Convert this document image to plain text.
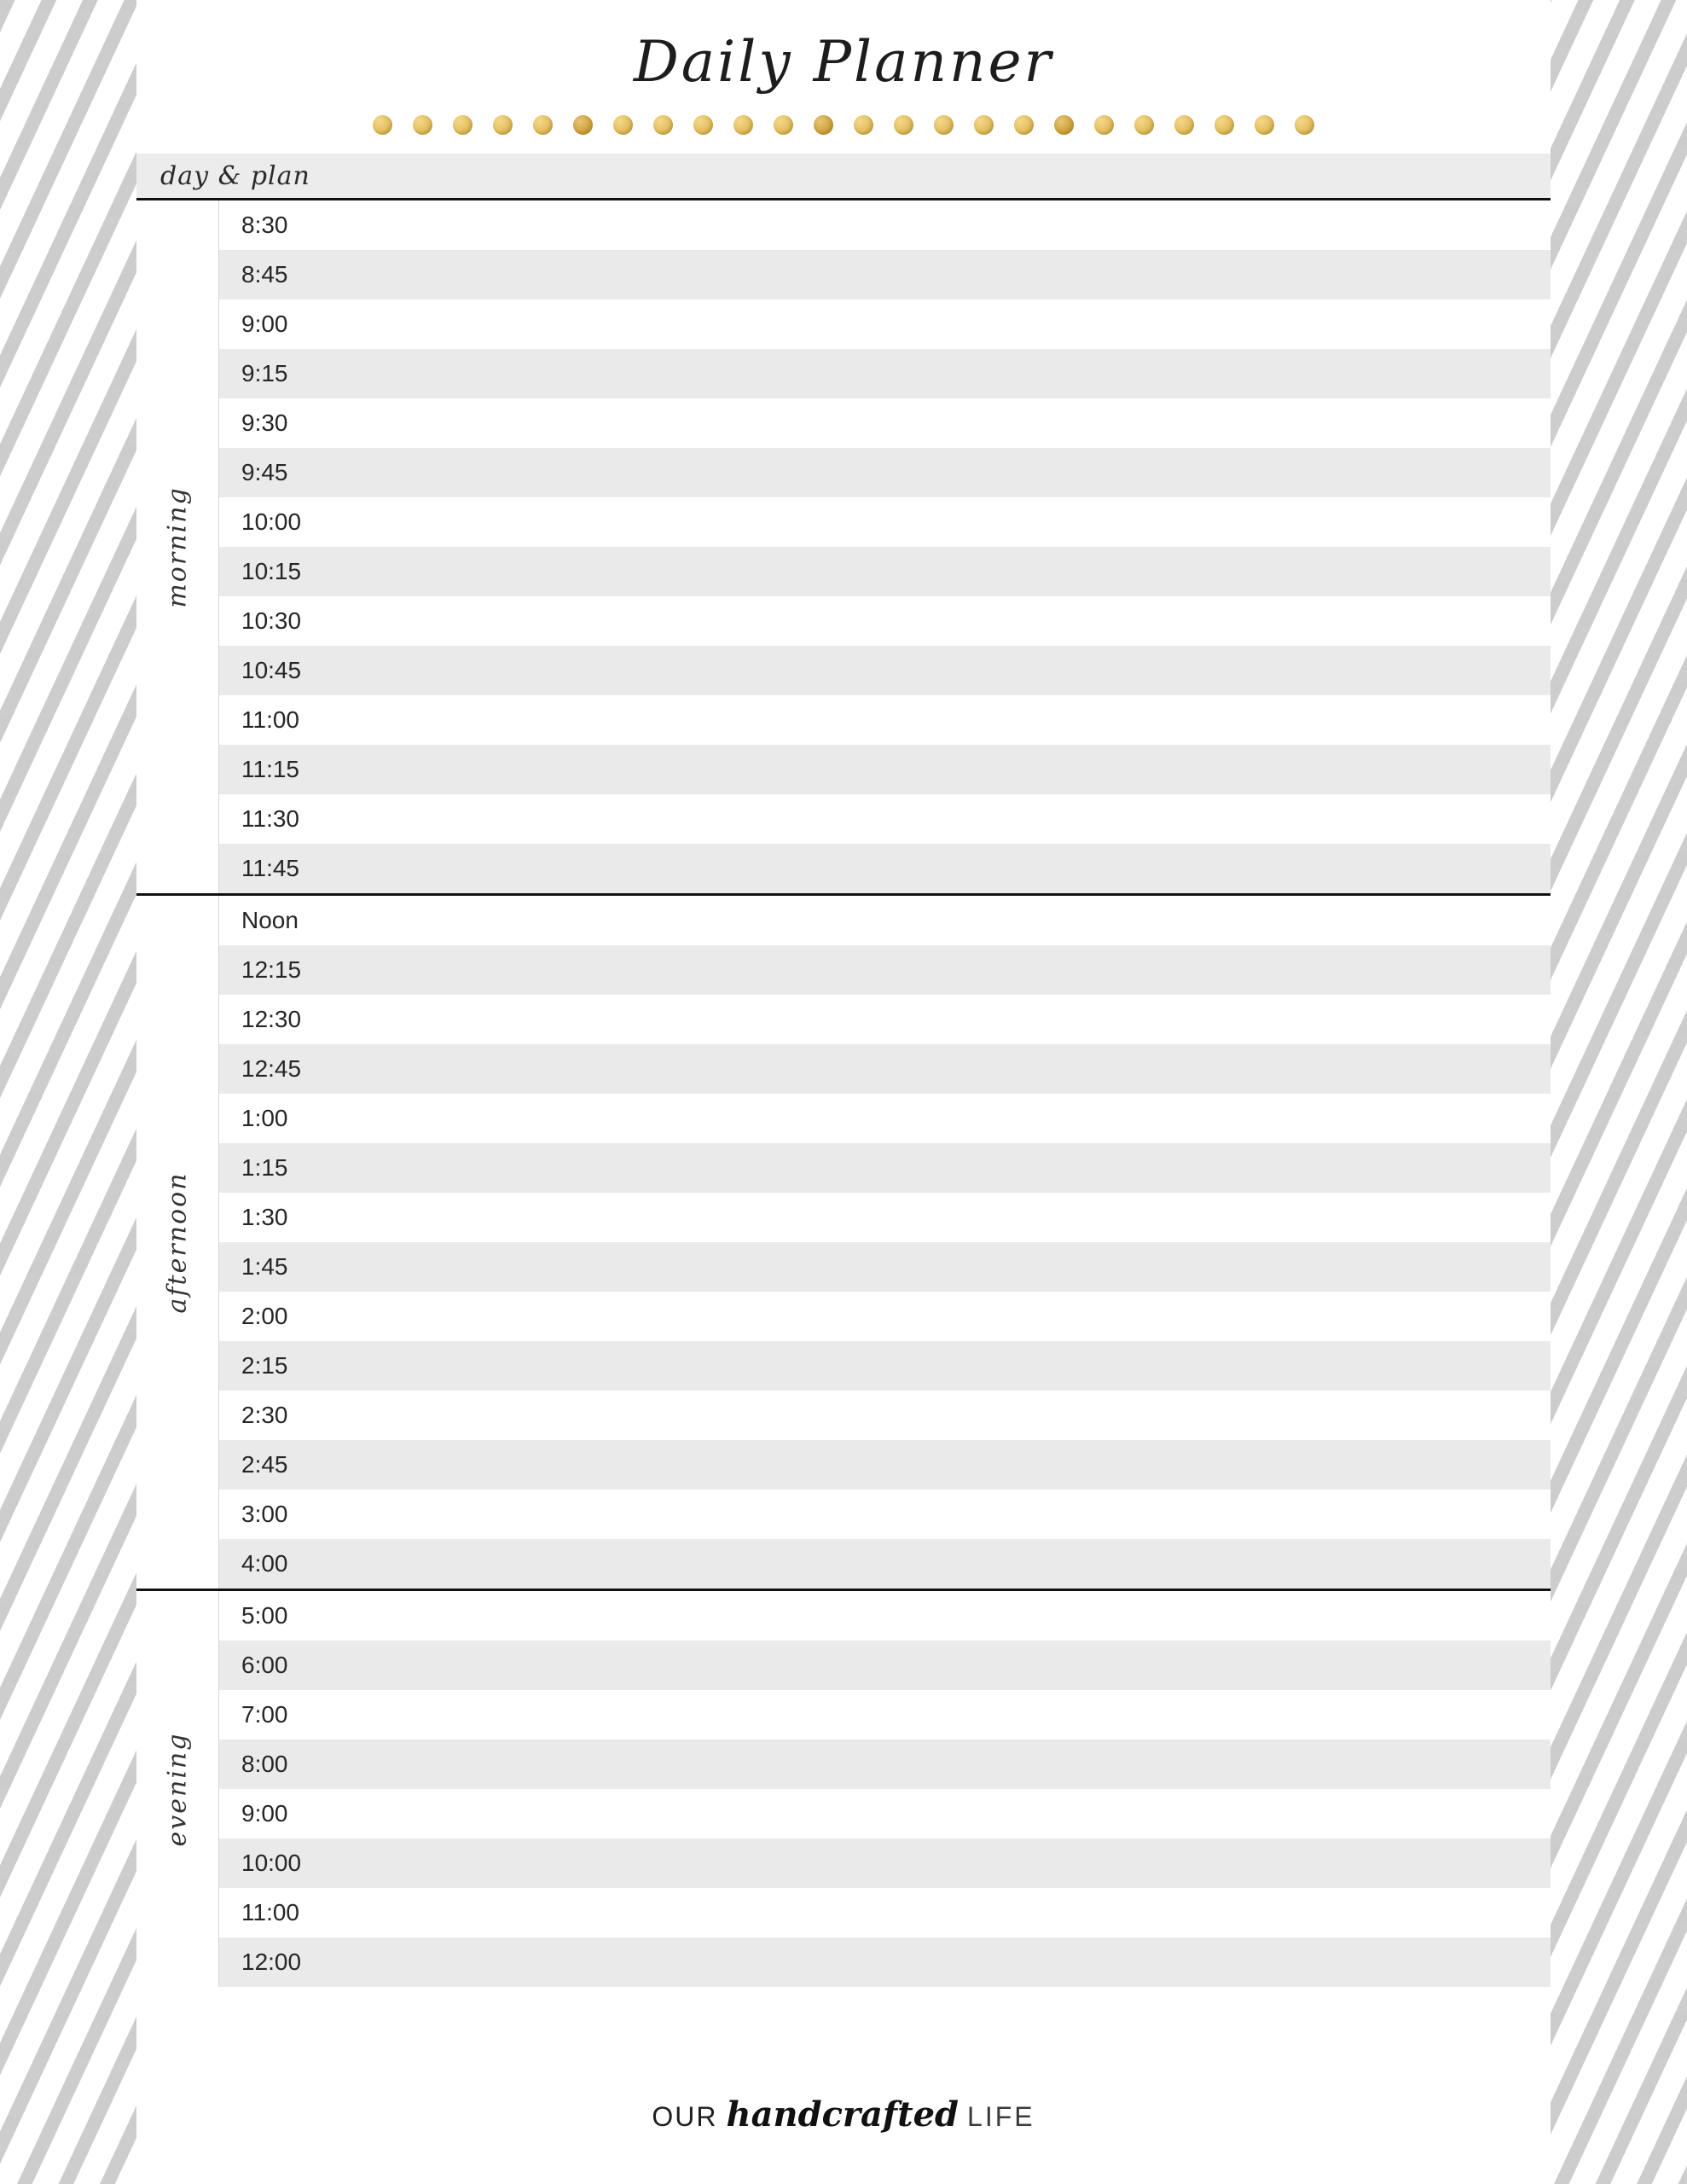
Daily Planner
day & plan
morning
8:30
8:45
9:00
9:15
9:30
9:45
10:00
10:15
10:30
10:45
11:00
11:15
11:30
11:45
afternoon
Noon
12:15
12:30
12:45
1:00
1:15
1:30
1:45
2:00
2:15
2:30
2:45
3:00
4:00
evening
5:00
6:00
7:00
8:00
9:00
10:00
11:00
12:00
OUR handcrafted LIFE
